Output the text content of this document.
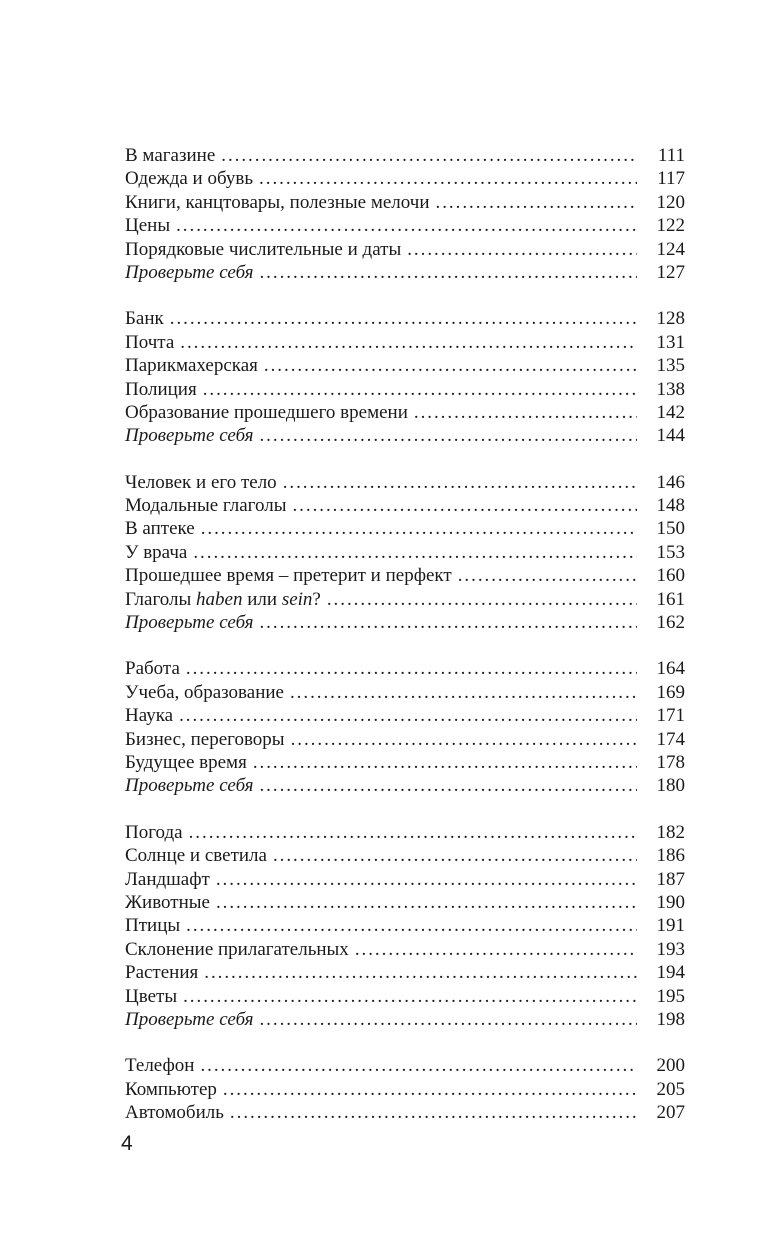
В магазине . . .	111
Одежда и обувь . . .	117
Книги, канцтовары, полезные мелочи . . .	120
Цены . . .	122
Порядковые числительные и даты . . .	124
Проверьте себя . . .	127
Банк . . .	128
Почта . . .	131
Парикмахерская . . .	135
Полиция . . .	138
Образование прошедшего времени . . .	142
Проверьте себя . . .	144
Человек и его тело . . .	146
Модальные глаголы . . .	148
В аптеке . . .	150
У врача . . .	153
Прошедшее время – претерит и перфект . . .	160
Глаголы haben или sein? . . .	161
Проверьте себя . . .	162
Работа . . .	164
Учеба, образование . . .	169
Наука . . .	171
Бизнес, переговоры . . .	174
Будущее время . . .	178
Проверьте себя . . .	180
Погода . . .	182
Солнце и светила . . .	186
Ландшафт . . .	187
Животные . . .	190
Птицы . . .	191
Склонение прилагательных . . .	193
Растения . . .	194
Цветы . . .	195
Проверьте себя . . .	198
Телефон . . .	200
Компьютер . . .	205
Автомобиль . . .	207
4
